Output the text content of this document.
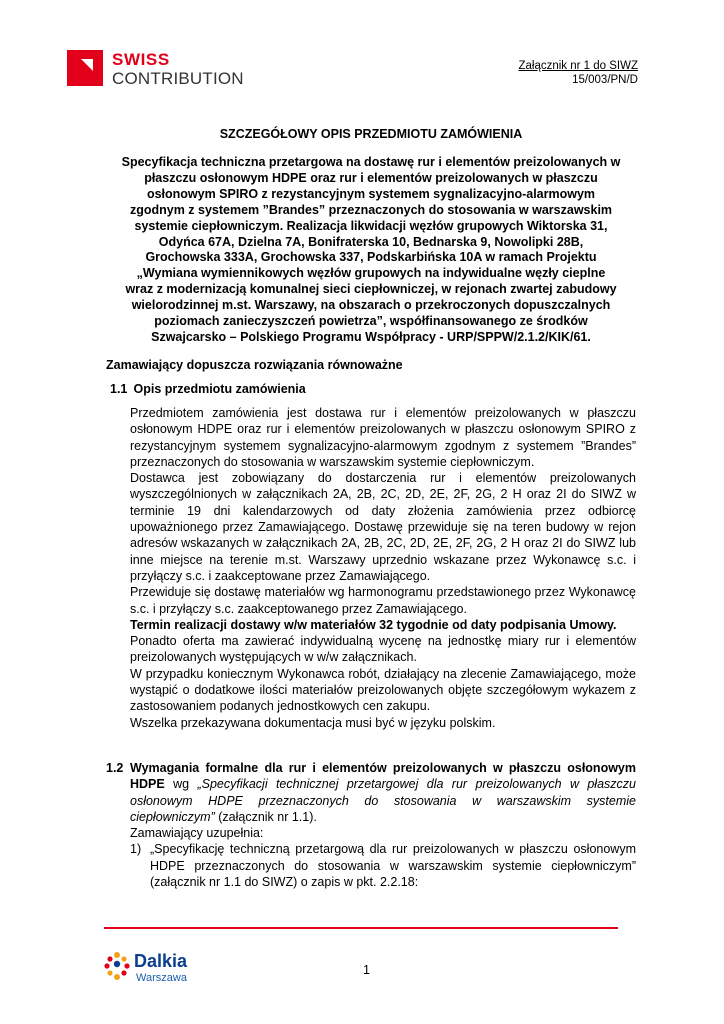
SWISS
CONTRIBUTION
Załącznik nr 1 do SIWZ
15/003/PN/D
SZCZEGÓŁOWY OPIS PRZEDMIOTU ZAMÓWIENIA
Specyfikacja techniczna przetargowa na dostawę rur i elementów preizolowanych w
płaszczu osłonowym HDPE oraz rur i elementów preizolowanych w płaszczu
osłonowym SPIRO z rezystancyjnym systemem sygnalizacyjno-alarmowym
zgodnym z systemem ”Brandes” przeznaczonych do stosowania w warszawskim
systemie ciepłowniczym. Realizacja likwidacji węzłów grupowych Wiktorska 31,
Odyńca 67A, Dzielna 7A, Bonifraterska 10, Bednarska 9, Nowolipki 28B,
Grochowska 333A, Grochowska 337, Podskarbińska 10A w ramach Projektu
„Wymiana wymiennikowych węzłów grupowych na indywidualne węzły cieplne
wraz z modernizacją komunalnej sieci ciepłowniczej, w rejonach zwartej zabudowy
wielorodzinnej m.st. Warszawy, na obszarach o przekroczonych dopuszczalnych
poziomach zanieczyszczeń powietrza”, współfinansowanego ze środków
Szwajcarsko – Polskiego Programu Współpracy - URP/SPPW/2.1.2/KIK/61.
Zamawiający dopuszcza rozwiązania równoważne
1.1 Opis przedmiotu zamówienia

Przedmiotem zamówienia jest dostawa rur i elementów preizolowanych w płaszczu osłonowym HDPE oraz rur i elementów preizolowanych w płaszczu osłonowym SPIRO z rezystancyjnym systemem sygnalizacyjno-alarmowym zgodnym z systemem ”Brandes” przeznaczonych do stosowania w warszawskim systemie ciepłowniczym.

Dostawca jest zobowiązany do dostarczenia rur i elementów preizolowanych wyszczególnionych w załącznikach 2A, 2B, 2C, 2D, 2E, 2F, 2G, 2 H oraz 2I do SIWZ w terminie 19 dni kalendarzowych od daty złożenia zamówienia przez odbiorcę upoważnionego przez Zamawiającego. Dostawę przewiduje się na teren budowy w rejon adresów wskazanych w załącznikach 2A, 2B, 2C, 2D, 2E, 2F, 2G, 2 H oraz 2I do SIWZ lub inne miejsce na terenie m.st. Warszawy uprzednio wskazane przez Wykonawcę s.c. i przyłączy s.c. i zaakceptowane przez Zamawiającego.

Przewiduje się dostawę materiałów wg harmonogramu przedstawionego przez Wykonawcę s.c. i przyłączy s.c. zaakceptowanego przez Zamawiającego.

Termin realizacji dostawy w/w materiałów 32 tygodnie od daty podpisania Umowy.

Ponadto oferta ma zawierać indywidualną wycenę na jednostkę miary rur i elementów preizolowanych występujących w w/w załącznikach.

W przypadku koniecznym Wykonawca robót, działający na zlecenie Zamawiającego, może wystąpić o dodatkowe ilości materiałów preizolowanych objęte szczegółowym wykazem z zastosowaniem podanych jednostkowych cen zakupu.

Wszelka przekazywana dokumentacja musi być w języku polskim.

1.2 Wymagania formalne dla rur i elementów preizolowanych w płaszczu osłonowym HDPE wg „Specyfikacji technicznej przetargowej dla rur preizolowanych w płaszczu osłonowym HDPE przeznaczonych do stosowania w warszawskim systemie ciepłowniczym” (załącznik nr 1.1).

Zamawiający uzupełnia:

1) „Specyfikację techniczną przetargową dla rur preizolowanych w płaszczu osłonowym HDPE przeznaczonych do stosowania w warszawskim systemie ciepłowniczym” (załącznik nr 1.1 do SIWZ) o zapis w pkt. 2.2.18:
Dalkia
Warszawa
1
